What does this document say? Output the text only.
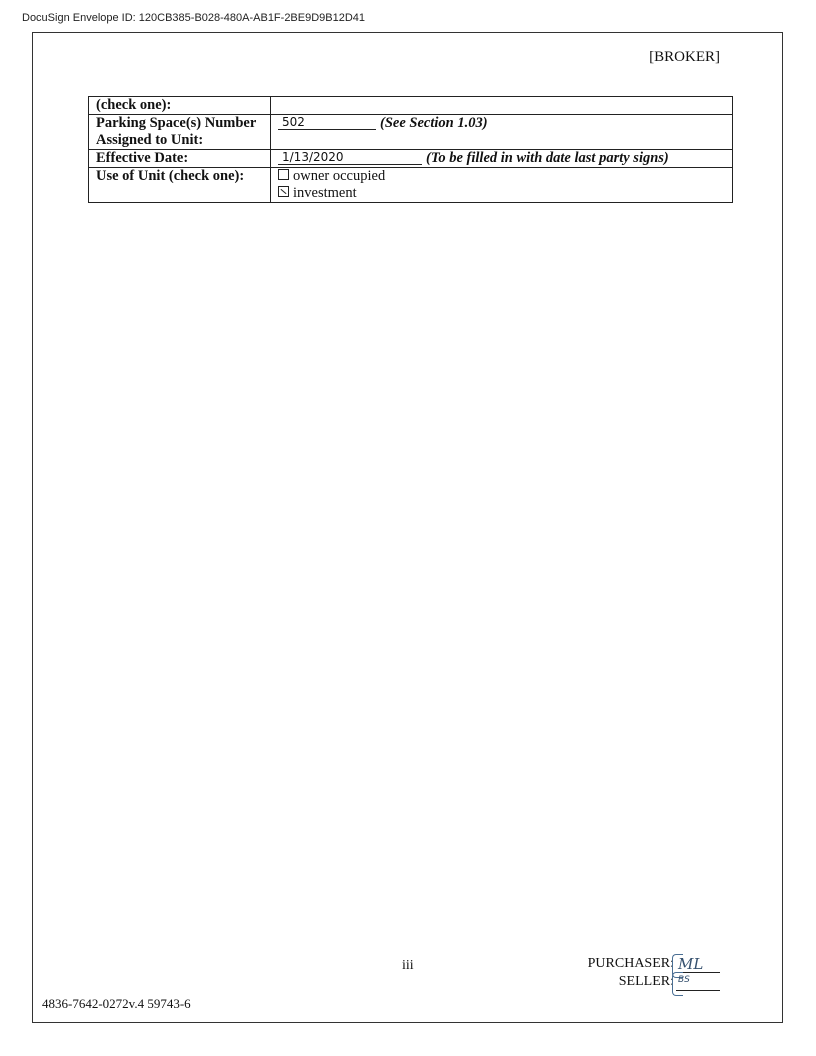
DocuSign Envelope ID: 120CB385-B028-480A-AB1F-2BE9D9B12D41
[BROKER]
(check one):	
Parking Space(s) Number
Assigned to Unit:	502 (See Section 1.03)
Effective Date:	1/13/2020 (To be filled in with date last party signs)
Use of Unit (check one):	owner occupied
investment
iii	PURCHASER: ML
SELLER: BS
4836-7642-0272v.4 59743-6
